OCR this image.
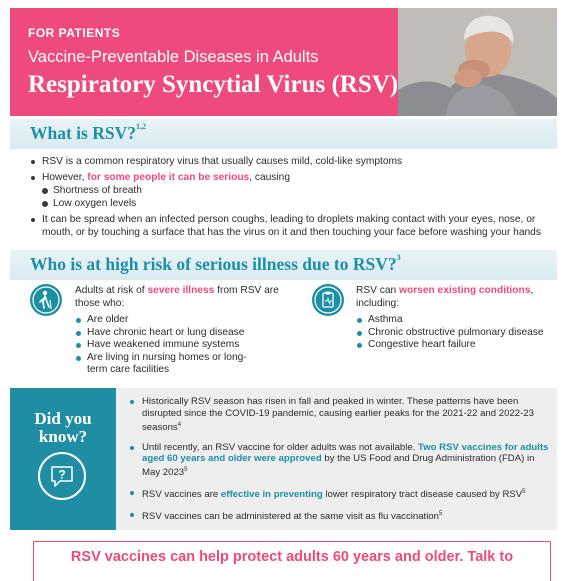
FOR PATIENTS
Vaccine-Preventable Diseases in Adults
Respiratory Syncytial Virus (RSV)
What is RSV?$^{1,2}$
RSV is a common respiratory virus that usually causes mild, cold-like symptoms
However, for some people it can be serious, causing
Shortness of breath
Low oxygen levels
It can be spread when an infected person coughs, leading to droplets making contact with your eyes, nose, or mouth, or by touching a surface that has the virus on it and then touching your face before washing your hands
Who is at high risk of serious illness due to RSV?$^3$
Adults at risk of severe illness from RSV are those who:
Are older
Have chronic heart or lung disease
Have weakened immune systems
Are living in nursing homes or long-term care facilities
RSV can worsen existing conditions, including:
Asthma
Chronic obstructive pulmonary disease
Congestive heart failure
Did you
know?
?
Historically RSV season has risen in fall and peaked in winter. These patterns have been disrupted since the COVID-19 pandemic, causing earlier peaks for the 2021-22 and 2022-23 seasons$^4$
Until recently, an RSV vaccine for older adults was not available. Two RSV vaccines for adults aged 60 years and older were approved by the US Food and Drug Administration (FDA) in May 2023$^5$
RSV vaccines are effective in preventing lower respiratory tract disease caused by RSV$^5$
RSV vaccines can be administered at the same visit as flu vaccination$^5$
RSV vaccines can help protect adults 60 years and older. Talk to
